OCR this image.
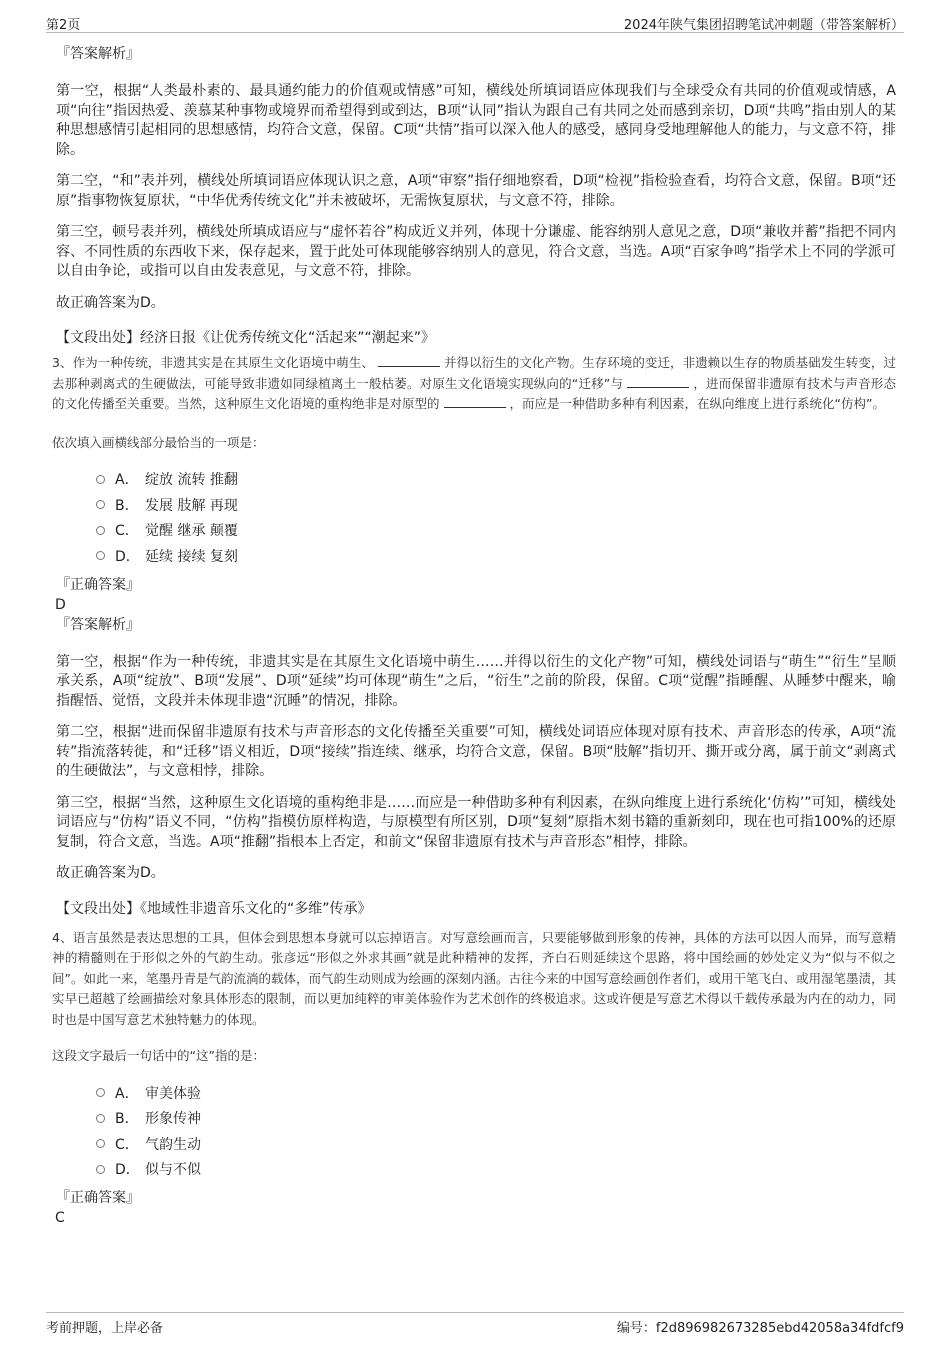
第2页	2024年陕气集团招聘笔试冲刺题（带答案解析）

『答案解析』

第一空，根据“人类最朴素的、最具通约能力的价值观或情感”可知，横线处所填词语应体现我们与全球受众有共同的价值观或情感，A项“向往”指因热爱、羡慕某种事物或境界而希望得到或到达，B项“认同”指认为跟自己有共同之处而感到亲切，D项“共鸣”指由别人的某种思想感情引起相同的思想感情，均符合文意，保留。C项“共情”指可以深入他人的感受，感同身受地理解他人的能力，与文意不符，排除。

第二空，“和”表并列，横线处所填词语应体现认识之意，A项“审察”指仔细地察看，D项“检视”指检验查看，均符合文意，保留。B项“还原”指事物恢复原状，“中华优秀传统文化”并未被破坏，无需恢复原状，与文意不符，排除。

第三空，顿号表并列，横线处所填成语应与“虚怀若谷”构成近义并列，体现十分谦虚、能容纳别人意见之意，D项“兼收并蓄”指把不同内容、不同性质的东西收下来，保存起来，置于此处可体现能够容纳别人的意见，符合文意，当选。A项“百家争鸣”指学术上不同的学派可以自由争论，或指可以自由发表意见，与文意不符，排除。

故正确答案为D。

【文段出处】经济日报《让优秀传统文化“活起来”“潮起来”》

3、作为一种传统，非遗其实是在其原生文化语境中萌生、	并得以衍生的文化产物。生存环境的变迁，非遗赖以生存的物质基础发生转变，过去那种剥离式的生硬做法，可能导致非遗如同绿植离土一般枯萎。对原生文化语境实现纵向的“迁移”与	，进而保留非遗原有技术与声音形态的文化传播至关重要。当然，这种原生文化语境的重构绝非是对原型的	，而应是一种借助多种有利因素，在纵向维度上进行系统化“仿构”。

依次填入画横线部分最恰当的一项是：

A． 绽放 流转 推翻
B． 发展 肢解 再现
C． 觉醒 继承 颠覆
D． 延续 接续 复刻

『正确答案』

D

『答案解析』

第一空，根据“作为一种传统，非遗其实是在其原生文化语境中萌生……并得以衍生的文化产物”可知，横线处词语与“萌生”“衍生”呈顺承关系，A项“绽放”、B项“发展”、D项“延续”均可体现“萌生”之后，“衍生”之前的阶段，保留。C项“觉醒”指睡醒、从睡梦中醒来，喻指醒悟、觉悟，文段并未体现非遗“沉睡”的情况，排除。

第二空，根据“进而保留非遗原有技术与声音形态的文化传播至关重要”可知，横线处词语应体现对原有技术、声音形态的传承，A项“流转”指流落转徙，和“迁移”语义相近，D项“接续”指连续、继承，均符合文意，保留。B项“肢解”指切开、撕开或分离，属于前文“剥离式的生硬做法”，与文意相悖，排除。

第三空，根据“当然，这种原生文化语境的重构绝非是……而应是一种借助多种有利因素，在纵向维度上进行系统化‘仿构’”可知，横线处词语应与“仿构”语义不同，“仿构”指模仿原样构造，与原模型有所区别，D项“复刻”原指木刻书籍的重新刻印，现在也可指100%的还原复制，符合文意，当选。A项“推翻”指根本上否定，和前文“保留非遗原有技术与声音形态”相悖，排除。

故正确答案为D。

【文段出处】《地域性非遗音乐文化的“多维”传承》

4、语言虽然是表达思想的工具，但体会到思想本身就可以忘掉语言。对写意绘画而言，只要能够做到形象的传神，具体的方法可以因人而异，而写意精神的精髓则在于形似之外的气韵生动。张彦远“形似之外求其画”就是此种精神的发挥，齐白石则延续这个思路，将中国绘画的妙处定义为“似与不似之间”。如此一来，笔墨丹青是气韵流淌的载体，而气韵生动则成为绘画的深刻内涵。古往今来的中国写意绘画创作者们，或用干笔飞白、或用湿笔墨渍，其实早已超越了绘画描绘对象具体形态的限制，而以更加纯粹的审美体验作为艺术创作的终极追求。这或许便是写意艺术得以千载传承最为内在的动力，同时也是中国写意艺术独特魅力的体现。

这段文字最后一句话中的“这”指的是：

A． 审美体验
B． 形象传神
C． 气韵生动
D． 似与不似

『正确答案』

C

考前押题，上岸必备	编号：f2d896982673285ebd42058a34fdfcf9
